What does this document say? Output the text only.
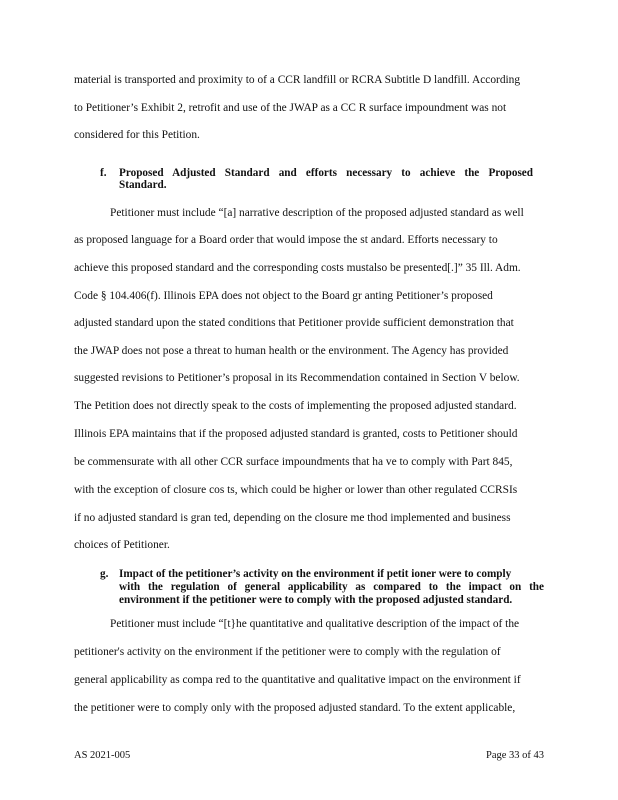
material is transported and proximity to of a CCR landfill or RCRA Subtitle D landfill. According
to Petitioner’s Exhibit 2, retrofit and use of the JWAP as a CC R surface impoundment was not
considered for this Petition.
f. Proposed Adjusted Standard and efforts necessary to achieve the Proposed
Standard.
Petitioner must include “[a] narrative description of the proposed adjusted standard as well
as proposed language for a Board order that would impose the st andard. Efforts necessary to
achieve this proposed standard and the corresponding costs mustalso be presented[.]” 35 Ill. Adm.
Code § 104.406(f). Illinois EPA does not object to the Board gr anting Petitioner’s proposed
adjusted standard upon the stated conditions that Petitioner provide sufficient demonstration that
the JWAP does not pose a threat to human health or the environment. The Agency has provided
suggested revisions to Petitioner’s proposal in its Recommendation contained in Section V below.
The Petition does not directly speak to the costs of implementing the proposed adjusted standard.
Illinois EPA maintains that if the proposed adjusted standard is granted, costs to Petitioner should
be commensurate with all other CCR surface impoundments that ha ve to comply with Part 845,
with the exception of closure cos ts, which could be higher or lower than other regulated CCRSIs
if no adjusted standard is gran ted, depending on the closure me thod implemented and business
choices of Petitioner.
g. Impact of the petitioner’s activity on the environment if petit ioner were to comply
with the regulation of general applicability as compared to the impact on the
environment if the petitioner were to comply with the proposed adjusted standard.
Petitioner must include “[t}he quantitative and qualitative description of the impact of the
petitioner's activity on the environment if the petitioner were to comply with the regulation of
general applicability as compa red to the quantitative and qualitative impact on the environment if
the petitioner were to comply only with the proposed adjusted standard. To the extent applicable,
AS 2021-005	Page 33 of 43
